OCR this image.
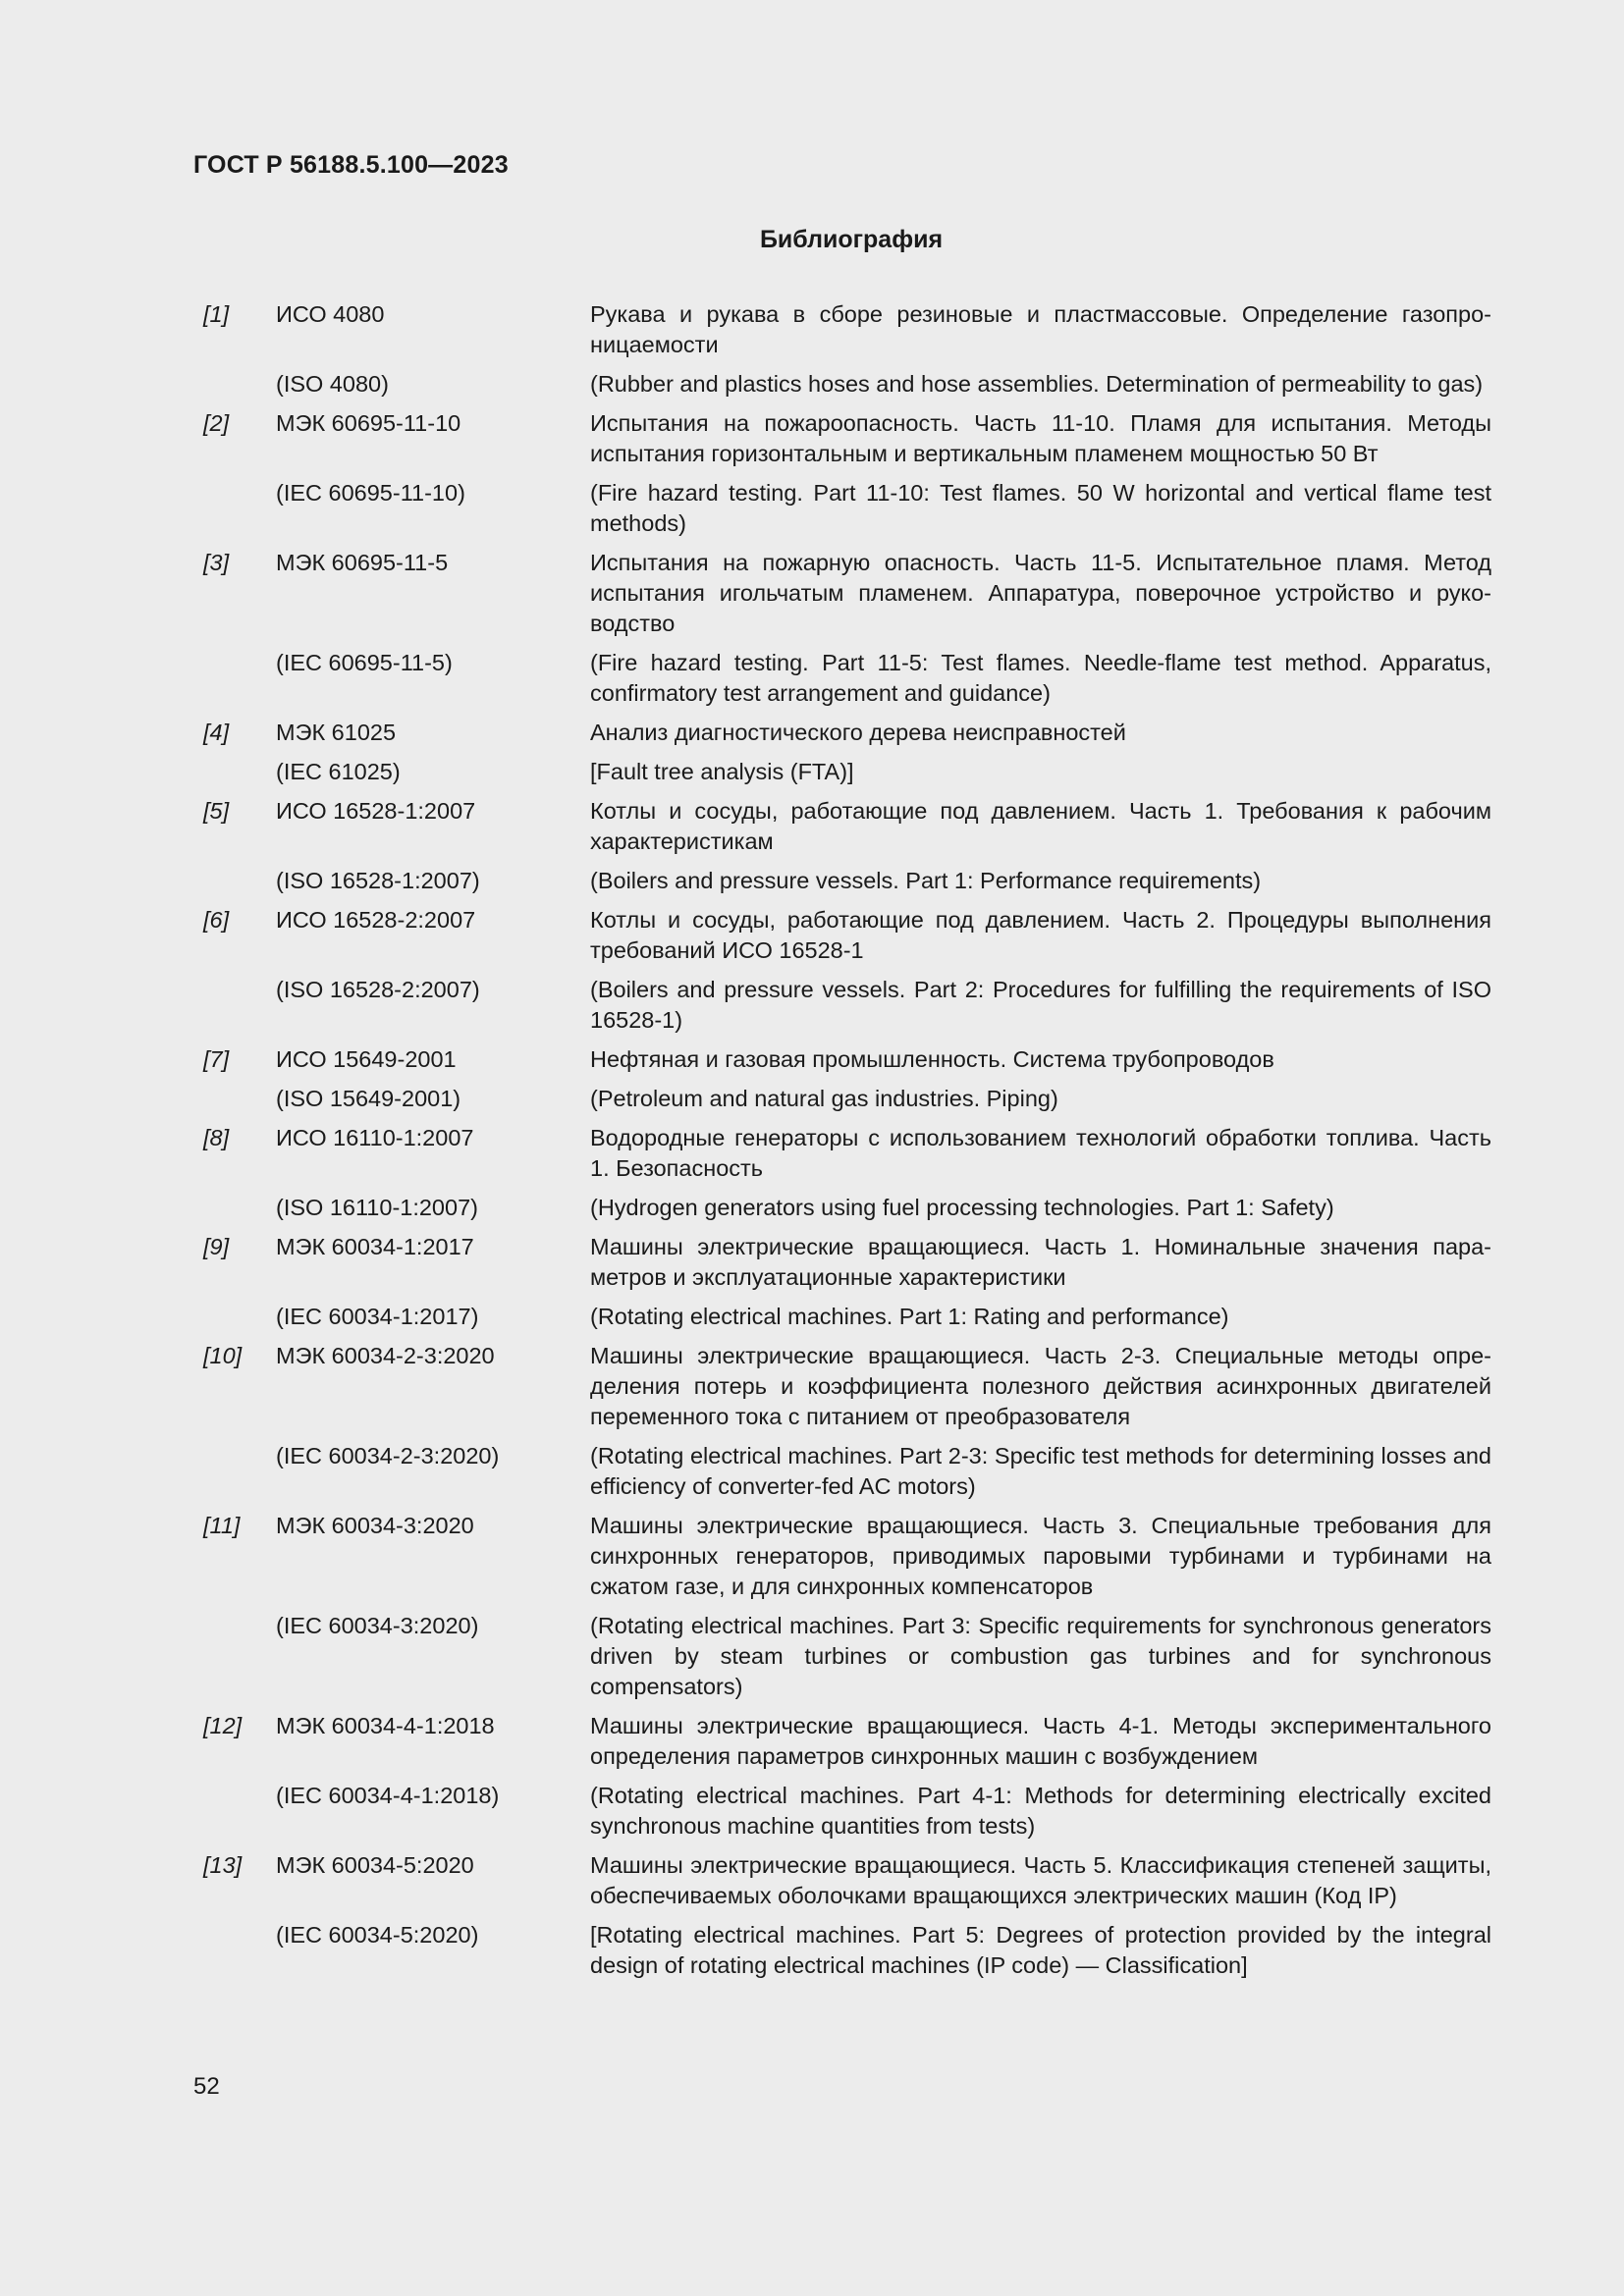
ГОСТ Р 56188.5.100—2023
Библиография
[1]	ИСО 4080	Рукава и рукава в сборе резиновые и пластмассовые. Определение газопроницаемости
(ISO 4080)	(Rubber and plastics hoses and hose assemblies. Determination of permeability to gas)
[2]	МЭК 60695-11-10	Испытания на пожароопасность. Часть 11-10. Пламя для испытания. Методы испытания горизонтальным и вертикальным пламенем мощностью 50 Вт
(IEC 60695-11-10)	(Fire hazard testing. Part 11-10: Test flames. 50 W horizontal and vertical flame test methods)
[3]	МЭК 60695-11-5	Испытания на пожарную опасность. Часть 11-5. Испытательное пламя. Метод испытания игольчатым пламенем. Аппаратура, поверочное устройство и руководство
(IEC 60695-11-5)	(Fire hazard testing. Part 11-5: Test flames. Needle-flame test method. Apparatus, confirmatory test arrangement and guidance)
[4]	МЭК 61025	Анализ диагностического дерева неисправностей
(IEC 61025)	[Fault tree analysis (FTA)]
[5]	ИСО 16528-1:2007	Котлы и сосуды, работающие под давлением. Часть 1. Требования к рабочим характеристикам
(ISO 16528-1:2007)	(Boilers and pressure vessels. Part 1: Performance requirements)
[6]	ИСО 16528-2:2007	Котлы и сосуды, работающие под давлением. Часть 2. Процедуры выполнения требований ИСО 16528-1
(ISO 16528-2:2007)	(Boilers and pressure vessels. Part 2: Procedures for fulfilling the requirements of ISO 16528-1)
[7]	ИСО 15649-2001	Нефтяная и газовая промышленность. Система трубопроводов
(ISO 15649-2001)	(Petroleum and natural gas industries. Piping)
[8]	ИСО 16110-1:2007	Водородные генераторы с использованием технологий обработки топлива. Часть 1. Безопасность
(ISO 16110-1:2007)	(Hydrogen generators using fuel processing technologies. Part 1: Safety)
[9]	МЭК 60034-1:2017	Машины электрические вращающиеся. Часть 1. Номинальные значения параметров и эксплуатационные характеристики
(IEC 60034-1:2017)	(Rotating electrical machines. Part 1: Rating and performance)
[10]	МЭК 60034-2-3:2020	Машины электрические вращающиеся. Часть 2-3. Специальные методы определения потерь и коэффициента полезного действия асинхронных двигателей переменного тока с питанием от преобразователя
(IEC 60034-2-3:2020)	(Rotating electrical machines. Part 2-3: Specific test methods for determining losses and efficiency of converter-fed AC motors)
[11]	МЭК 60034-3:2020	Машины электрические вращающиеся. Часть 3. Специальные требования для синхронных генераторов, приводимых паровыми турбинами и турбинами на сжатом газе, и для синхронных компенсаторов
(IEC 60034-3:2020)	(Rotating electrical machines. Part 3: Specific requirements for synchronous generators driven by steam turbines or combustion gas turbines and for synchronous compensators)
[12]	МЭК 60034-4-1:2018	Машины электрические вращающиеся. Часть 4-1. Методы экспериментального определения параметров синхронных машин с возбуждением
(IEC 60034-4-1:2018)	(Rotating electrical machines. Part 4-1: Methods for determining electrically excited synchronous machine quantities from tests)
[13]	МЭК 60034-5:2020	Машины электрические вращающиеся. Часть 5. Классификация степеней защиты, обеспечиваемых оболочками вращающихся электрических машин (Код IP)
(IEC 60034-5:2020)	[Rotating electrical machines. Part 5: Degrees of protection provided by the integral design of rotating electrical machines (IP code) — Classification]
52
